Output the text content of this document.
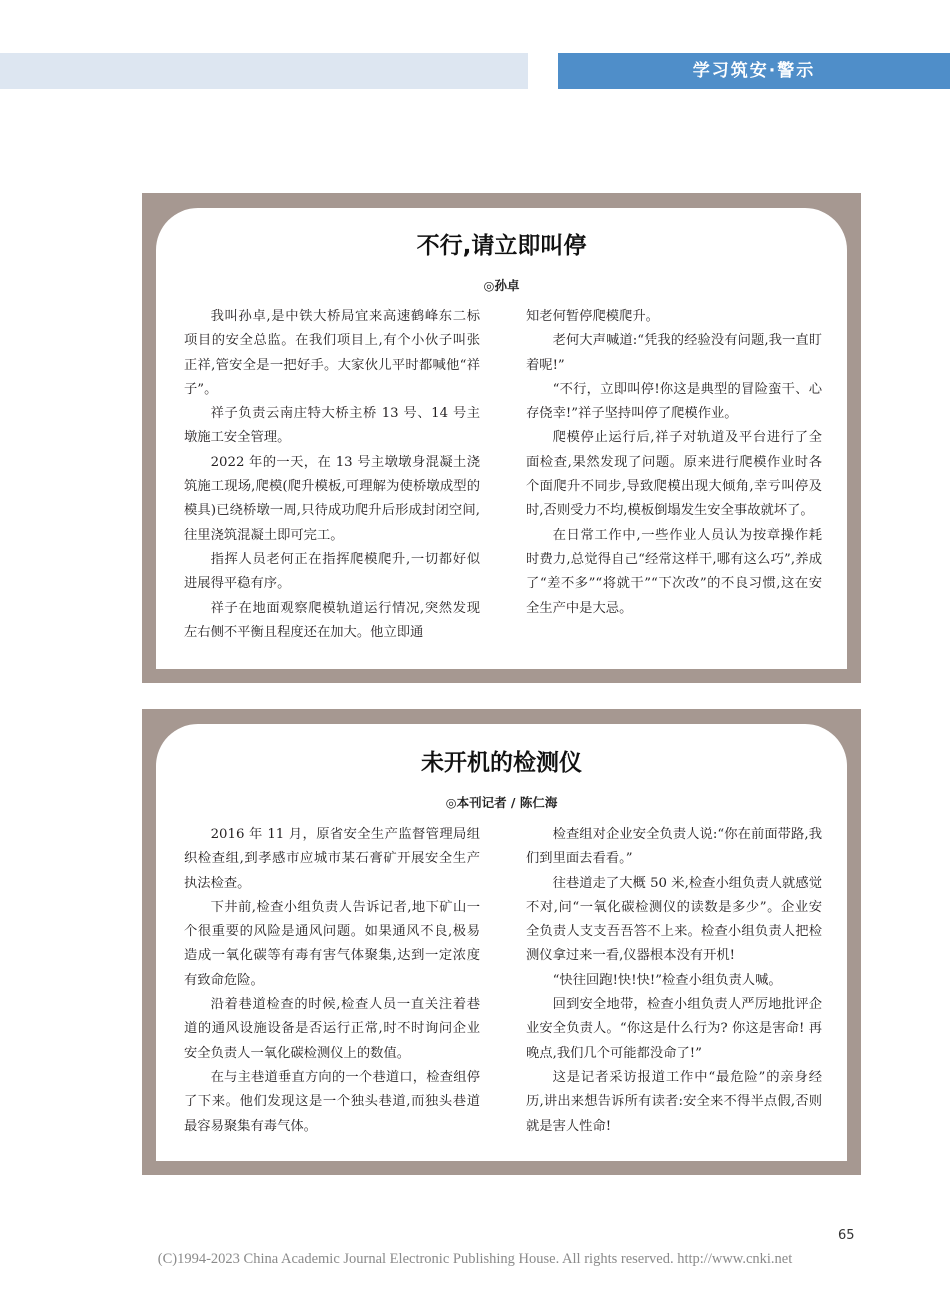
学习筑安·警示
不行,请立即叫停
◎孙卓

我叫孙卓,是中铁大桥局宜来高速鹤峰东二标项目的安全总监。在我们项目上,有个小伙子叫张正祥,管安全是一把好手。大家伙儿平时都喊他“祥子”。

祥子负责云南庄特大桥主桥 13 号、14 号主墩施工安全管理。

2022 年的一天，在 13 号主墩墩身混凝土浇筑施工现场,爬模(爬升模板,可理解为使桥墩成型的模具)已绕桥墩一周,只待成功爬升后形成封闭空间,往里浇筑混凝土即可完工。

指挥人员老何正在指挥爬模爬升,一切都好似进展得平稳有序。

祥子在地面观察爬模轨道运行情况,突然发现左右侧不平衡且程度还在加大。他立即通

知老何暂停爬模爬升。

老何大声喊道:“凭我的经验没有问题,我一直盯着呢!”

“不行，立即叫停!你这是典型的冒险蛮干、心存侥幸!”祥子坚持叫停了爬模作业。

爬模停止运行后,祥子对轨道及平台进行了全面检查,果然发现了问题。原来进行爬模作业时各个面爬升不同步,导致爬模出现大倾角,幸亏叫停及时,否则受力不均,模板倒塌发生安全事故就坏了。

在日常工作中,一些作业人员认为按章操作耗时费力,总觉得自己“经常这样干,哪有这么巧”,养成了“差不多”“将就干”“下次改”的不良习惯,这在安全生产中是大忌。

未开机的检测仪
◎本刊记者 / 陈仁海

2016 年 11 月，原省安全生产监督管理局组织检查组,到孝感市应城市某石膏矿开展安全生产执法检查。

下井前,检查小组负责人告诉记者,地下矿山一个很重要的风险是通风问题。如果通风不良,极易造成一氧化碳等有毒有害气体聚集,达到一定浓度有致命危险。

沿着巷道检查的时候,检查人员一直关注着巷道的通风设施设备是否运行正常,时不时询问企业安全负责人一氧化碳检测仪上的数值。

在与主巷道垂直方向的一个巷道口，检查组停了下来。他们发现这是一个独头巷道,而独头巷道最容易聚集有毒气体。

检查组对企业安全负责人说:“你在前面带路,我们到里面去看看。”

往巷道走了大概 50 米,检查小组负责人就感觉不对,问“一氧化碳检测仪的读数是多少”。企业安全负责人支支吾吾答不上来。检查小组负责人把检测仪拿过来一看,仪器根本没有开机!

“快往回跑!快!快!”检查小组负责人喊。

回到安全地带，检查小组负责人严厉地批评企业安全负责人。“你这是什么行为? 你这是害命! 再晚点,我们几个可能都没命了!”

这是记者采访报道工作中“最危险”的亲身经历,讲出来想告诉所有读者:安全来不得半点假,否则就是害人性命!

65
(C)1994-2023 China Academic Journal Electronic Publishing House. All rights reserved. http://www.cnki.net
